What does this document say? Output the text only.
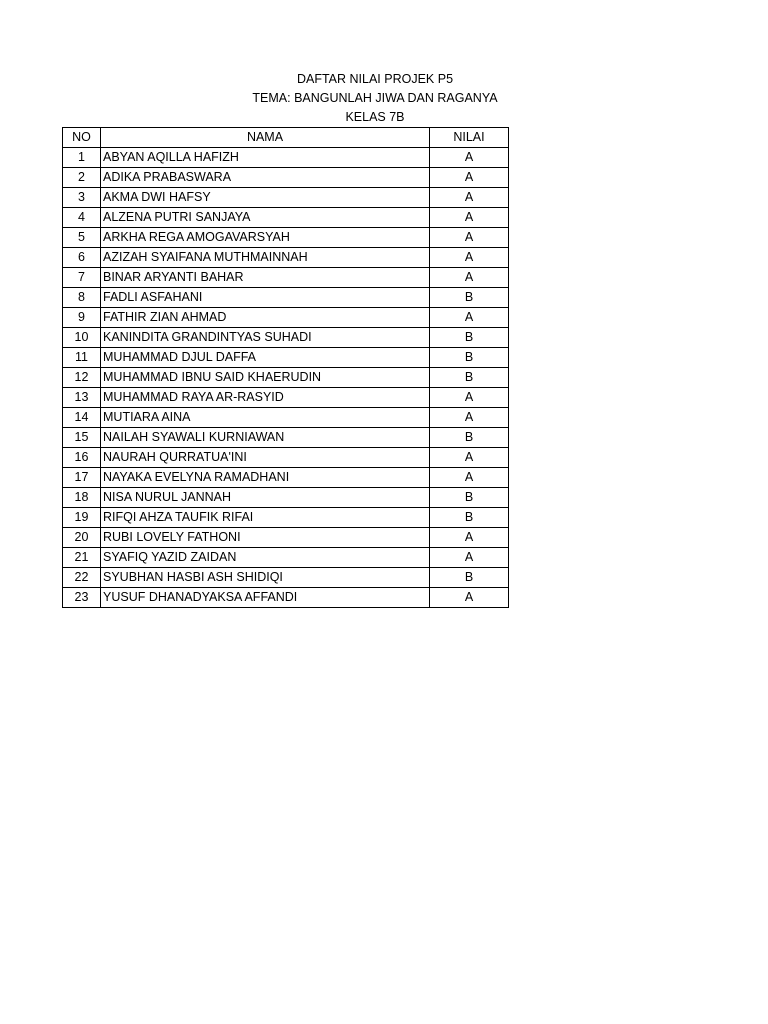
DAFTAR NILAI PROJEK P5
TEMA: BANGUNLAH JIWA DAN RAGANYA
KELAS 7B
NO	NAMA	NILAI
1	ABYAN AQILLA HAFIZH	A
2	ADIKA PRABASWARA	A
3	AKMA DWI HAFSY	A
4	ALZENA PUTRI SANJAYA	A
5	ARKHA REGA AMOGAVARSYAH	A
6	AZIZAH SYAIFANA MUTHMAINNAH	A
7	BINAR ARYANTI BAHAR	A
8	FADLI ASFAHANI	B
9	FATHIR ZIAN AHMAD	A
10	KANINDITA GRANDINTYAS SUHADI	B
11	MUHAMMAD DJUL DAFFA	B
12	MUHAMMAD IBNU SAID KHAERUDIN	B
13	MUHAMMAD RAYA AR-RASYID	A
14	MUTIARA AINA	A
15	NAILAH SYAWALI KURNIAWAN	B
16	NAURAH QURRATUA'INI	A
17	NAYAKA EVELYNA RAMADHANI	A
18	NISA NURUL JANNAH	B
19	RIFQI AHZA TAUFIK RIFAI	B
20	RUBI LOVELY FATHONI	A
21	SYAFIQ YAZID ZAIDAN	A
22	SYUBHAN HASBI ASH SHIDIQI	B
23	YUSUF DHANADYAKSA AFFANDI	A
